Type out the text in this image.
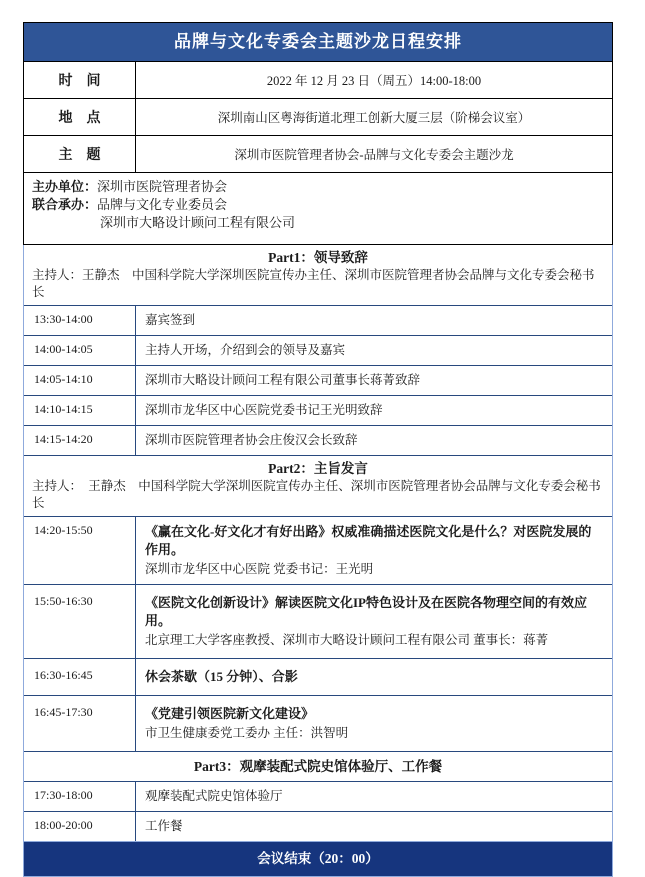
品牌与文化专委会主题沙龙日程安排
时　间	2022 年 12 月 23 日（周五）14:00-18:00
地　点	深圳南山区粤海街道北理工创新大厦三层（阶梯会议室）
主　题	深圳市医院管理者协会-品牌与文化专委会主题沙龙
主办单位： 深圳市医院管理者协会
联合承办： 品牌与文化专业委员会
深圳市大略设计顾问工程有限公司
Part1：领导致辞
主持人：王静杰　中国科学院大学深圳医院宣传办主任、深圳市医院管理者协会品牌与文化专委会秘书长
13:30-14:00	嘉宾签到
14:00-14:05	主持人开场，介绍到会的领导及嘉宾
14:05-14:10	深圳市大略设计顾问工程有限公司董事长蒋菁致辞
14:10-14:15	深圳市龙华区中心医院党委书记王光明致辞
14:15-14:20	深圳市医院管理者协会庄俊汉会长致辞
Part2：主旨发言
主持人：　王静杰　中国科学院大学深圳医院宣传办主任、深圳市医院管理者协会品牌与文化专委会秘书长
14:20-15:50	《赢在文化-好文化才有好出路》权威准确描述医院文化是什么？对医院发展的作用。
深圳市龙华区中心医院 党委书记：王光明
15:50-16:30	《医院文化创新设计》解读医院文化IP特色设计及在医院各物理空间的有效应用。
北京理工大学客座教授、深圳市大略设计顾问工程有限公司 董事长：蒋菁
16:30-16:45	休会茶歇（15 分钟）、合影
16:45-17:30	《党建引领医院新文化建设》
市卫生健康委党工委办 主任：洪智明
Part3：观摩装配式院史馆体验厅、工作餐
17:30-18:00	观摩装配式院史馆体验厅
18:00-20:00	工作餐
会议结束（20：00）
